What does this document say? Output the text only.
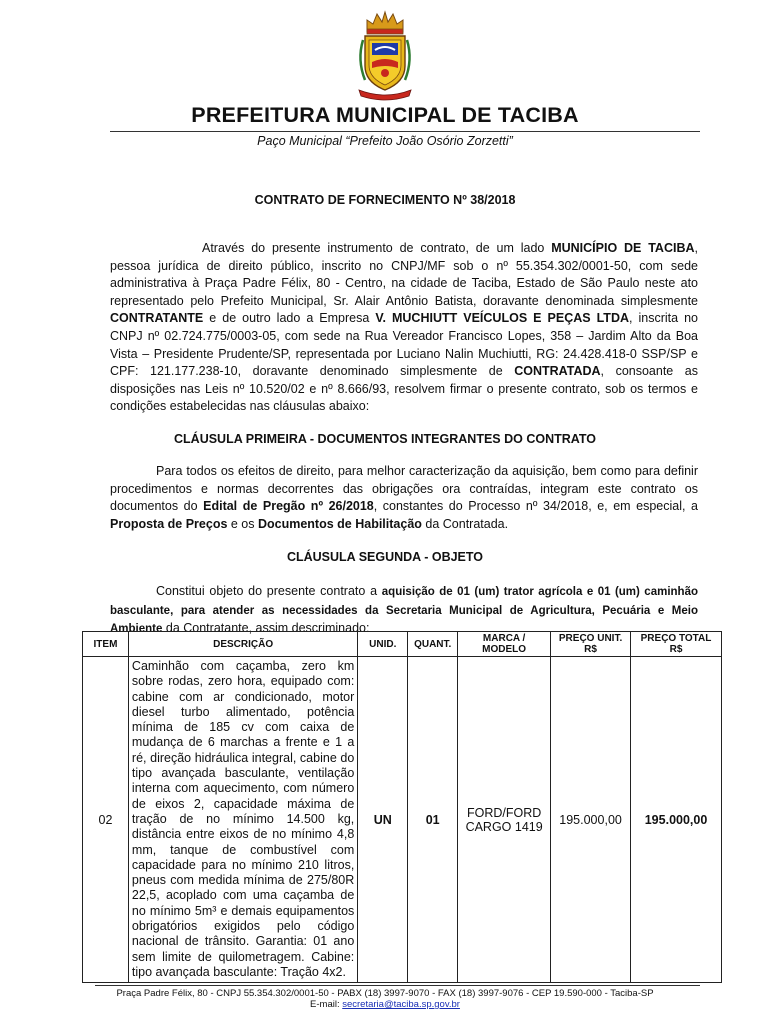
PREFEITURA MUNICIPAL DE TACIBA
Paço Municipal “Prefeito João Osório Zorzetti”
CONTRATO DE FORNECIMENTO Nº 38/2018
Através do presente instrumento de contrato, de um lado MUNICÍPIO DE TACIBA, pessoa jurídica de direito público, inscrito no CNPJ/MF sob o nº 55.354.302/0001-50, com sede administrativa à Praça Padre Félix, 80 - Centro, na cidade de Taciba, Estado de São Paulo neste ato representado pelo Prefeito Municipal, Sr. Alair Antônio Batista, doravante denominada simplesmente CONTRATANTE e de outro lado a Empresa V. MUCHIUTT VEÍCULOS E PEÇAS LTDA, inscrita no CNPJ nº 02.724.775/0003-05, com sede na Rua Vereador Francisco Lopes, 358 – Jardim Alto da Boa Vista – Presidente Prudente/SP, representada por Luciano Nalin Muchiutti, RG: 24.428.418-0 SSP/SP e CPF: 121.177.238-10, doravante denominado simplesmente de CONTRATADA, consoante as disposições nas Leis nº 10.520/02 e nº 8.666/93, resolvem firmar o presente contrato, sob os termos e condições estabelecidas nas cláusulas abaixo:
CLÁUSULA PRIMEIRA - DOCUMENTOS INTEGRANTES DO CONTRATO
Para todos os efeitos de direito, para melhor caracterização da aquisição, bem como para definir procedimentos e normas decorrentes das obrigações ora contraídas, integram este contrato os documentos do Edital de Pregão nº 26/2018, constantes do Processo nº 34/2018, e, em especial, a Proposta de Preços e os Documentos de Habilitação da Contratada.
CLÁUSULA SEGUNDA - OBJETO
Constitui objeto do presente contrato a aquisição de 01 (um) trator agrícola e 01 (um) caminhão basculante, para atender as necessidades da Secretaria Municipal de Agricultura, Pecuária e Meio Ambiente da Contratante, assim descriminado:
ITEM	DESCRIÇÃO	UNID.	QUANT.	MARCA / MODELO	PREÇO UNIT. R$	PREÇO TOTAL R$
02	Caminhão com caçamba, zero km sobre rodas, zero hora, equipado com: cabine com ar condicionado, motor diesel turbo alimentado, potência mínima de 185 cv com caixa de mudança de 6 marchas a frente e 1 a ré, direção hidráulica integral, cabine do tipo avançada basculante, ventilação interna com aquecimento, com número de eixos 2, capacidade máxima de tração de no mínimo 14.500 kg, distância entre eixos de no mínimo 4,8 mm, tanque de combustível com capacidade para no mínimo 210 litros, pneus com medida mínima de 275/80R 22,5, acoplado com uma caçamba de no mínimo 5m³ e demais equipamentos obrigatórios exigidos pelo código nacional de trânsito. Garantia: 01 ano sem limite de quilometragem. Cabine: tipo avançada basculante: Tração 4x2.	UN	01	FORD/FORD CARGO 1419	195.000,00	195.000,00
Praça Padre Félix, 80 - CNPJ 55.354.302/0001-50 - PABX (18) 3997-9070 - FAX (18) 3997-9076 - CEP 19.590-000 - Taciba-SP
E-mail: secretaria@taciba.sp.gov.br
